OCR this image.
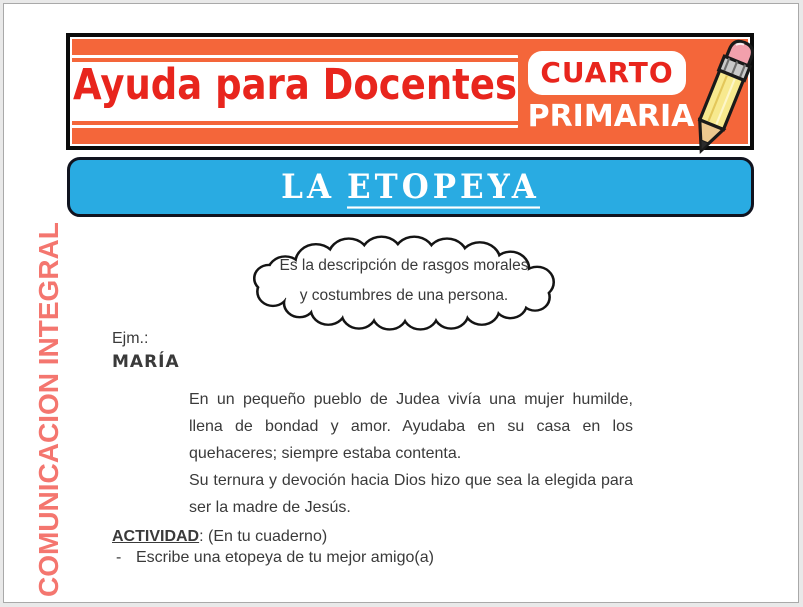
Ayuda para Docentes CUARTO
PRIMARIA
LA ETOPEYA
COMUNICACION INTEGRAL	Es la descripción de rasgos morales
y costumbres de una persona.
Ejm.:
MARÍA
En un pequeño pueblo de Judea vivía una mujer humilde, llena de bondad y amor. Ayudaba en su casa en los quehaceres; siempre estaba contenta.
Su ternura y devoción hacia Dios hizo que sea la elegida para ser la madre de Jesús.
ACTIVIDAD: (En tu cuaderno)
- Escribe una etopeya de tu mejor amigo(a)
